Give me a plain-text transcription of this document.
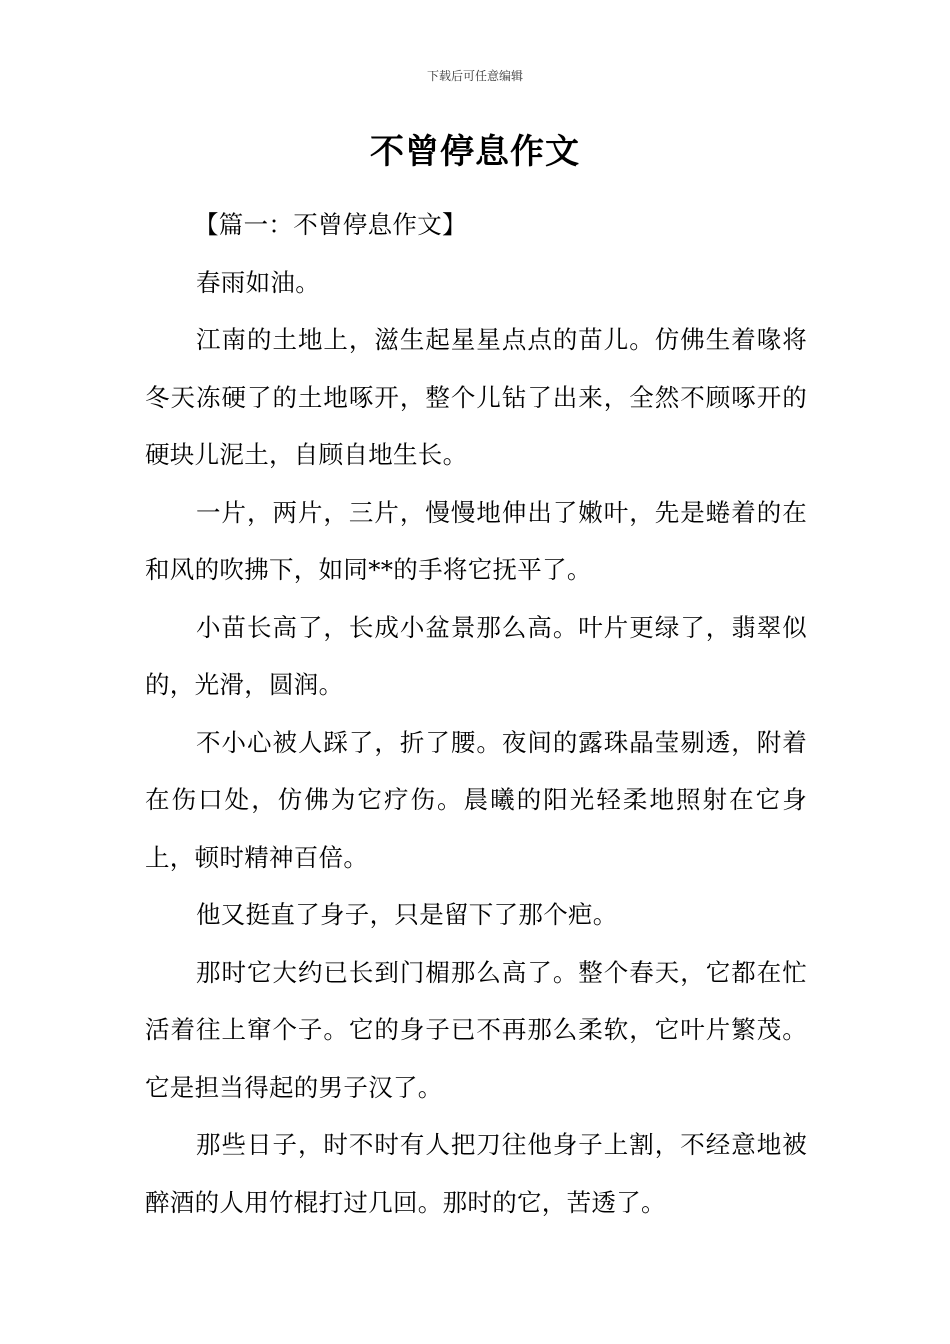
下载后可任意编辑
不曾停息作文

【篇一：不曾停息作文】

春雨如油。

江南的土地上，滋生起星星点点的苗儿。仿佛生着喙将冬天冻硬了的土地啄开，整个儿钻了出来，全然不顾啄开的硬块儿泥土，自顾自地生长。

一片，两片，三片，慢慢地伸出了嫩叶，先是蜷着的在和风的吹拂下，如同**的手将它抚平了。

小苗长高了，长成小盆景那么高。叶片更绿了，翡翠似的，光滑，圆润。

不小心被人踩了，折了腰。夜间的露珠晶莹剔透，附着在伤口处，仿佛为它疗伤。晨曦的阳光轻柔地照射在它身上，顿时精神百倍。

他又挺直了身子，只是留下了那个疤。

那时它大约已长到门楣那么高了。整个春天，它都在忙活着往上窜个子。它的身子已不再那么柔软，它叶片繁茂。它是担当得起的男子汉了。

那些日子，时不时有人把刀往他身子上割，不经意地被醉酒的人用竹棍打过几回。那时的它，苦透了。
